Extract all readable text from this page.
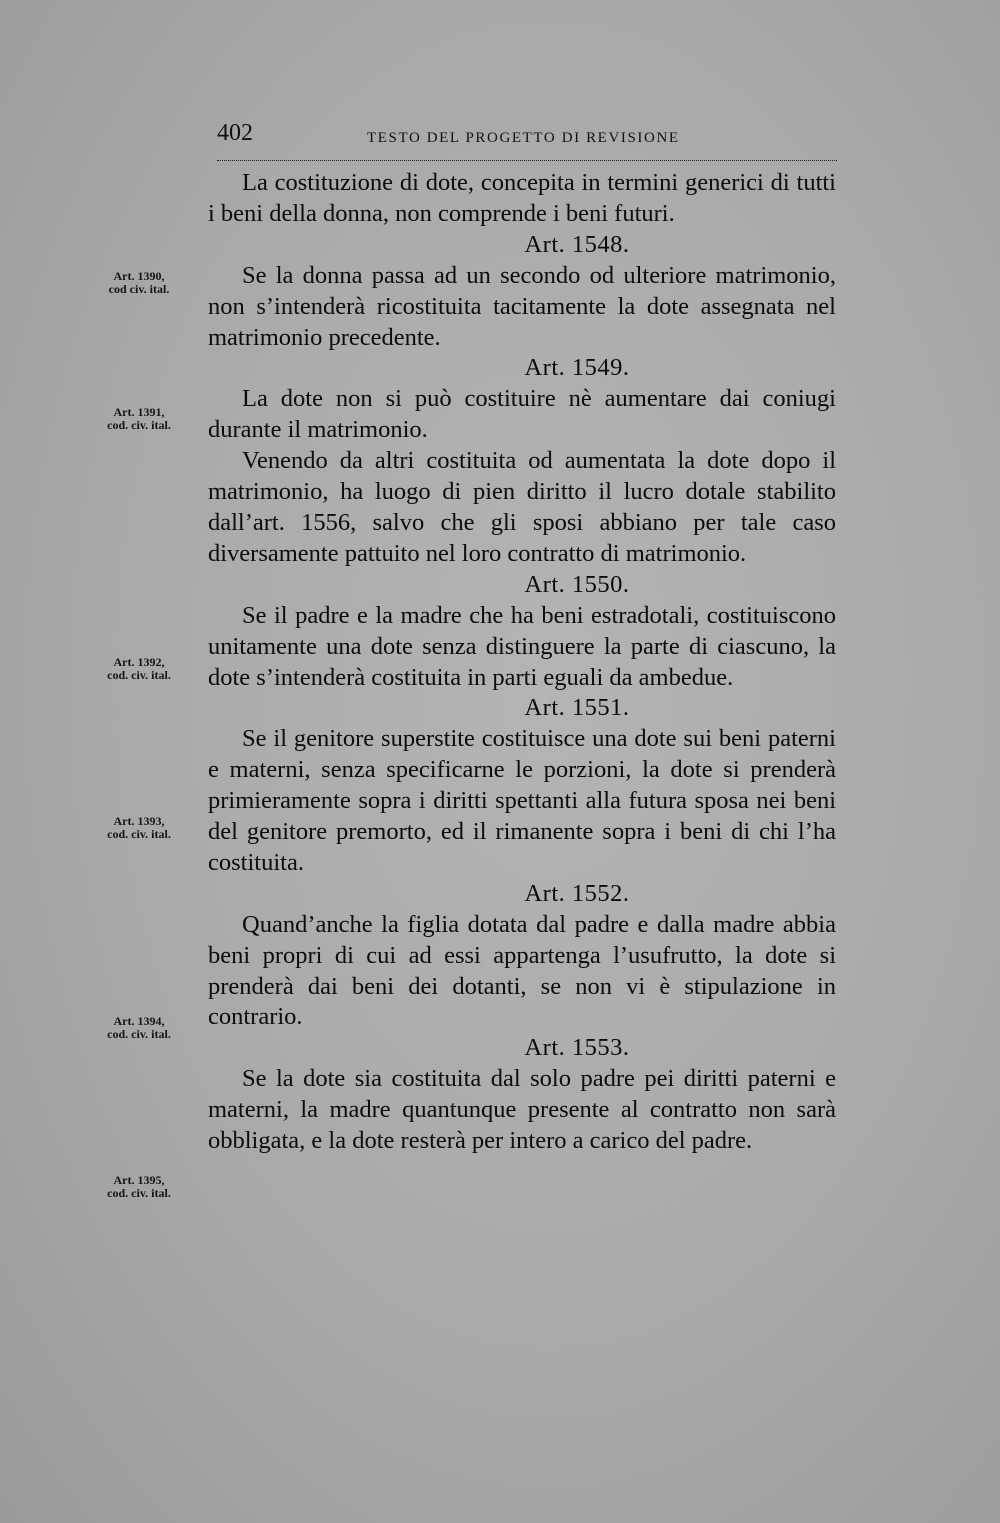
402	TESTO DEL PROGETTO DI REVISIONE
Art. 1390,
cod civ. ital.
Art. 1391,
cod. civ. ital.
Art. 1392,
cod. civ. ital.
Art. 1393,
cod. civ. ital.
Art. 1394,
cod. civ. ital.
Art. 1395,
cod. civ. ital.

La costituzione di dote, concepita in termini generici di tutti i beni della donna, non comprende i beni futuri.

Art. 1548.

Se la donna passa ad un secondo od ulteriore matrimonio, non s’intenderà ricostituita tacitamente la dote assegnata nel matrimonio precedente.

Art. 1549.

La dote non si può costituire nè aumentare dai coniugi durante il matrimonio.

Venendo da altri costituita od aumentata la dote dopo il matrimonio, ha luogo di pien diritto il lucro dotale stabilito dall’art. 1556, salvo che gli sposi abbiano per tale caso diversamente pattuito nel loro contratto di matrimonio.

Art. 1550.

Se il padre e la madre che ha beni estradotali, costituiscono unitamente una dote senza distinguere la parte di ciascuno, la dote s’intenderà costituita in parti eguali da ambedue.

Art. 1551.

Se il genitore superstite costituisce una dote sui beni paterni e materni, senza specificarne le porzioni, la dote si prenderà primieramente sopra i diritti spettanti alla futura sposa nei beni del genitore premorto, ed il rimanente sopra i beni di chi l’ha costituita.

Art. 1552.

Quand’anche la figlia dotata dal padre e dalla madre abbia beni propri di cui ad essi appartenga l’usufrutto, la dote si prenderà dai beni dei dotanti, se non vi è stipulazione in contrario.

Art. 1553.

Se la dote sia costituita dal solo padre pei diritti paterni e materni, la madre quantunque presente al contratto non sarà obbligata, e la dote resterà per intero a carico del padre.
